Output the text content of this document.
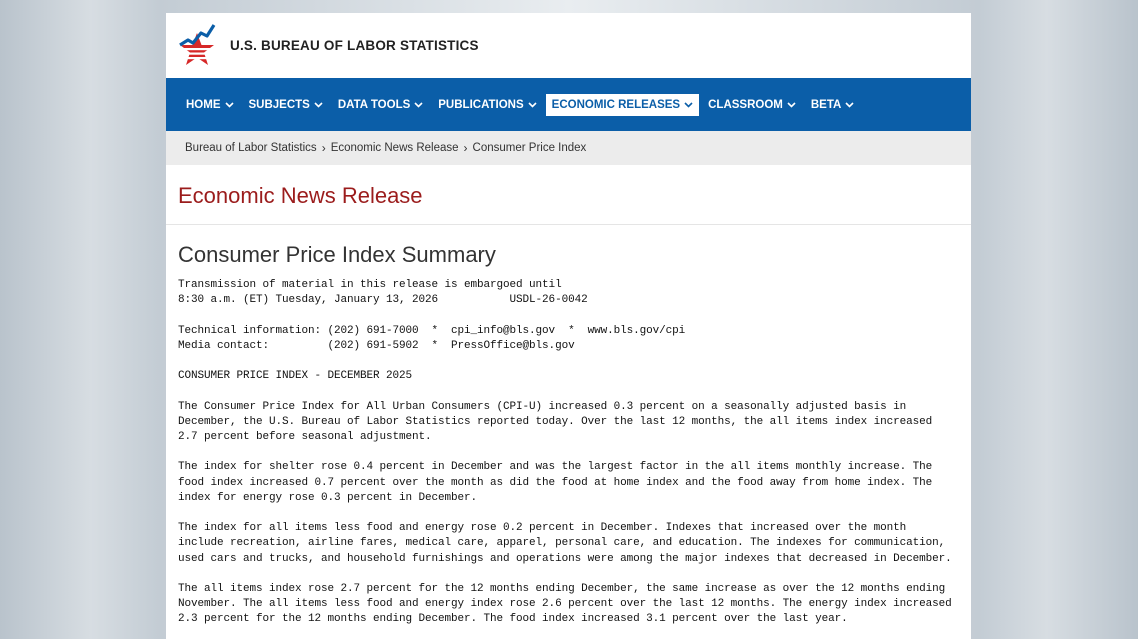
U.S. BUREAU OF LABOR STATISTICS
HOME SUBJECTS DATA TOOLS PUBLICATIONS ECONOMIC RELEASES CLASSROOM BETA
Bureau of Labor Statistics › Economic News Release › Consumer Price Index
Economic News Release
Consumer Price Index Summary
Transmission of material in this release is embargoed until
8:30 a.m. (ET) Tuesday, January 13, 2026           USDL-26-0042
Technical information: (202) 691-7000  *  cpi_info@bls.gov  *  www.bls.gov/cpi
Media contact:         (202) 691-5902  *  PressOffice@bls.gov
CONSUMER PRICE INDEX - DECEMBER 2025
The Consumer Price Index for All Urban Consumers (CPI-U) increased 0.3 percent on a seasonally adjusted basis in
December, the U.S. Bureau of Labor Statistics reported today. Over the last 12 months, the all items index increased
2.7 percent before seasonal adjustment.
The index for shelter rose 0.4 percent in December and was the largest factor in the all items monthly increase. The
food index increased 0.7 percent over the month as did the food at home index and the food away from home index. The
index for energy rose 0.3 percent in December.
The index for all items less food and energy rose 0.2 percent in December. Indexes that increased over the month
include recreation, airline fares, medical care, apparel, personal care, and education. The indexes for communication,
used cars and trucks, and household furnishings and operations were among the major indexes that decreased in December.
The all items index rose 2.7 percent for the 12 months ending December, the same increase as over the 12 months ending
November. The all items less food and energy index rose 2.6 percent over the last 12 months. The energy index increased
2.3 percent for the 12 months ending December. The food index increased 3.1 percent over the last year.
